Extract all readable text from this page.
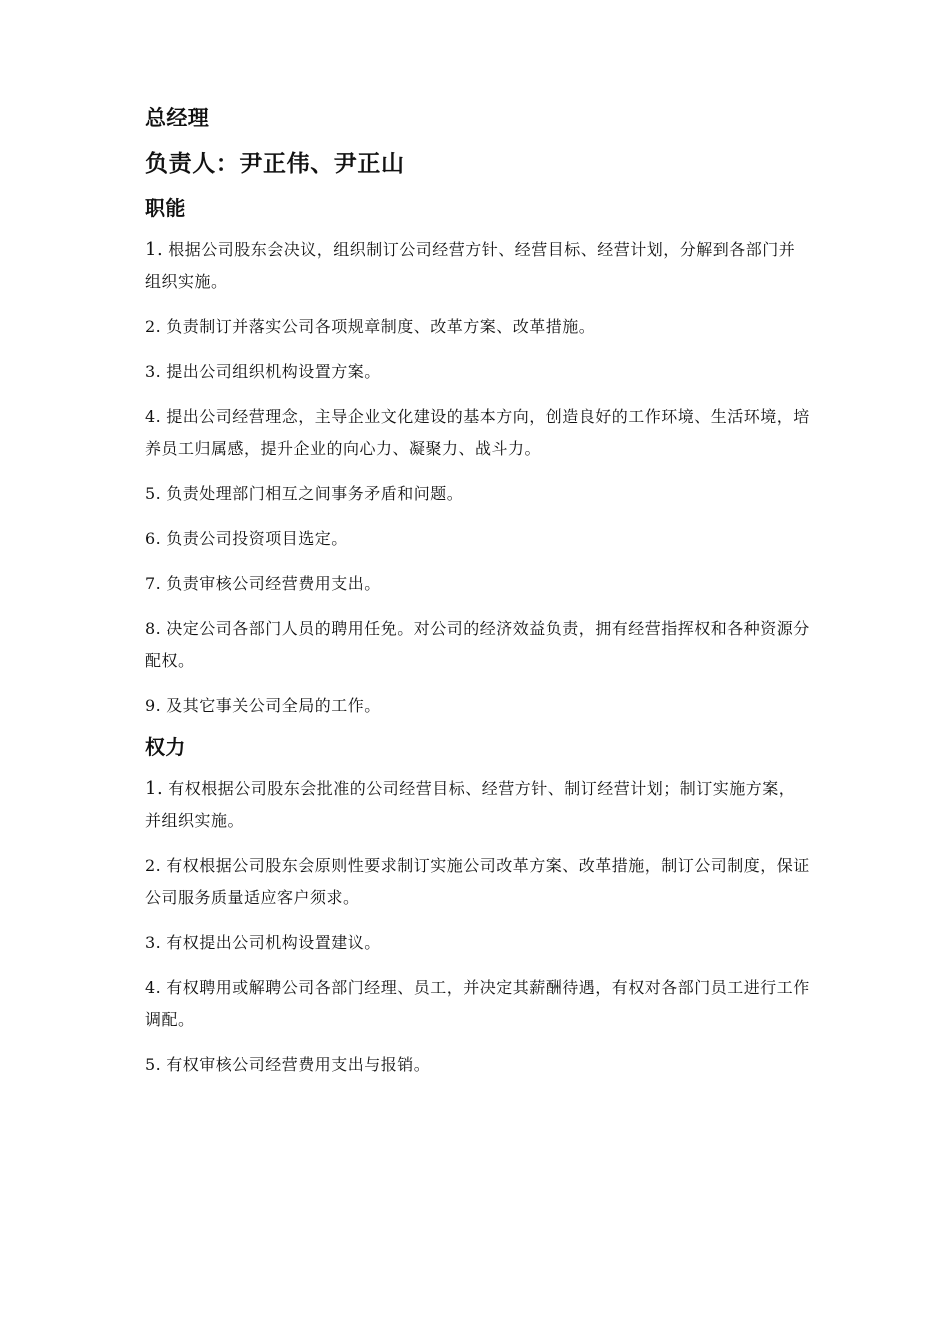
总经理
负责人：尹正伟、尹正山
职能
1. 根据公司股东会决议，组织制订公司经营方针、经营目标、经营计划，分解到各部门并组织实施。
2. 负责制订并落实公司各项规章制度、改革方案、改革措施。
3. 提出公司组织机构设置方案。
4. 提出公司经营理念，主导企业文化建设的基本方向，创造良好的工作环境、生活环境，培养员工归属感，提升企业的向心力、凝聚力、战斗力。
5. 负责处理部门相互之间事务矛盾和问题。
6. 负责公司投资项目选定。
7. 负责审核公司经营费用支出。
8. 决定公司各部门人员的聘用任免。对公司的经济效益负责，拥有经营指挥权和各种资源分配权。
9. 及其它事关公司全局的工作。
权力
1. 有权根据公司股东会批准的公司经营目标、经营方针、制订经营计划；制订实施方案，并组织实施。
2. 有权根据公司股东会原则性要求制订实施公司改革方案、改革措施，制订公司制度，保证公司服务质量适应客户须求。
3. 有权提出公司机构设置建议。
4. 有权聘用或解聘公司各部门经理、员工，并决定其薪酬待遇，有权对各部门员工进行工作调配。
5. 有权审核公司经营费用支出与报销。
